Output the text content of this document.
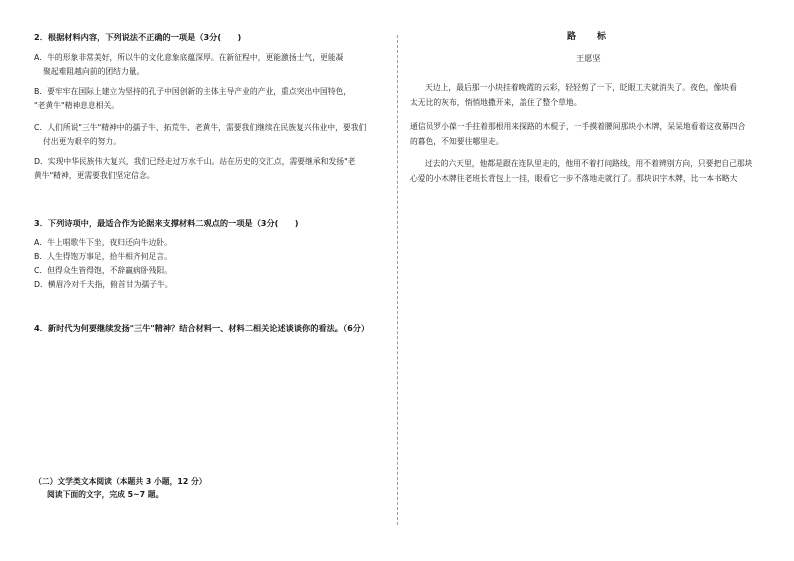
2．根据材料内容，下列说法不正确的一项是（3分(　　)
A．牛的形象非常美好，所以牛的文化意象底蕴深厚。在新征程中，更能激扬士气，更能凝
聚起难阻越向前的团结力量。
B．要牢牢在国际上建立为坚持的孔子中国创新的主体主导产业的产业，重点突出中国特色，
"老黄牛"精神息息相关。
C．人们所说"三牛"精神中的孺子牛、拓荒牛、老黄牛，需要我们继续在民族复兴伟业中，要我们
付出更为艰辛的努力。
D．实现中华民族伟大复兴，我们已经走过万水千山。站在历史的交汇点，需要继承和发扬"老
黄牛"精神，更需要我们坚定信念。
3．下列诗项中，最适合作为论据来支撑材料二观点的一项是（3分(　　)
A．牛上唱歌牛下坐，夜归还向牛边卧。
B．人生得饱万事足，拾牛相齐何足言。
C．但得众生皆得饱，不辞羸病卧残阳。
D．横眉冷对千夫指，俯首甘为孺子牛。
4．新时代为何要继续发扬"三牛"精神？结合材料一、材料二相关论述谈谈你的看法。（6分）
（二）文学类文本阅读（本题共 3 小题，12 分）
阅读下面的文字，完成 5~7 题。
路　　标
王愿坚
天边上，最后那一小块挂着晚霞的云彩，轻轻剪了一下，眨眼工夫就消失了。夜色，像块看
太无比的灰布，悄悄地撒开来，盖住了整个草地。
通信员罗小葆一手拄着那根用来探路的木棍子，一手摸着腰间那块小木牌，呆呆地看着这夜幕四合
的暮色，不知要往哪里走。
过去的六天里，他都是跟在连队里走的，他用不着打问路线，用不着辨别方向，只要把自己那块
心爱的小木牌往老班长背包上一挂，眼看它一步不落地走就行了。那块识字木牌，比一本书略大
